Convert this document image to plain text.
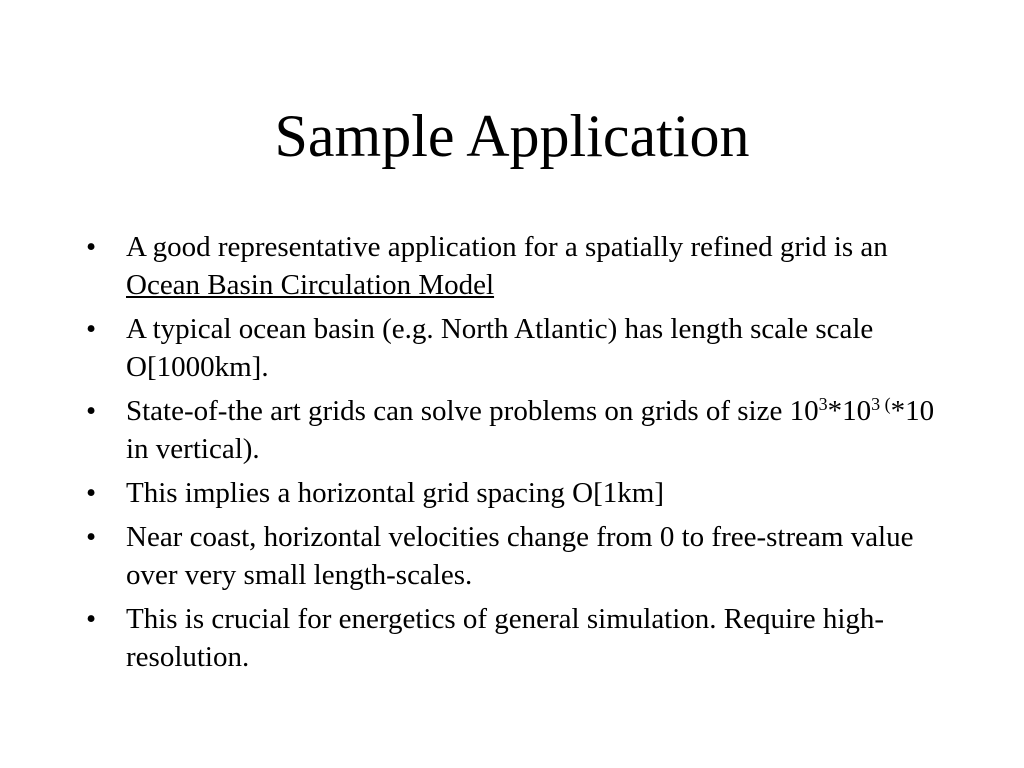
Sample Application
• A good representative application for a spatially refined grid is an Ocean Basin Circulation Model
• A typical ocean basin (e.g. North Atlantic) has length scale scale O[1000km].
• State-of-the art grids can solve problems on grids of size $10^3*10^{3 (}*10$ in vertical).
• This implies a horizontal grid spacing O[1km]
• Near coast, horizontal velocities change from 0 to free-stream value over very small length-scales.
• This is crucial for energetics of general simulation. Require high-resolution.
